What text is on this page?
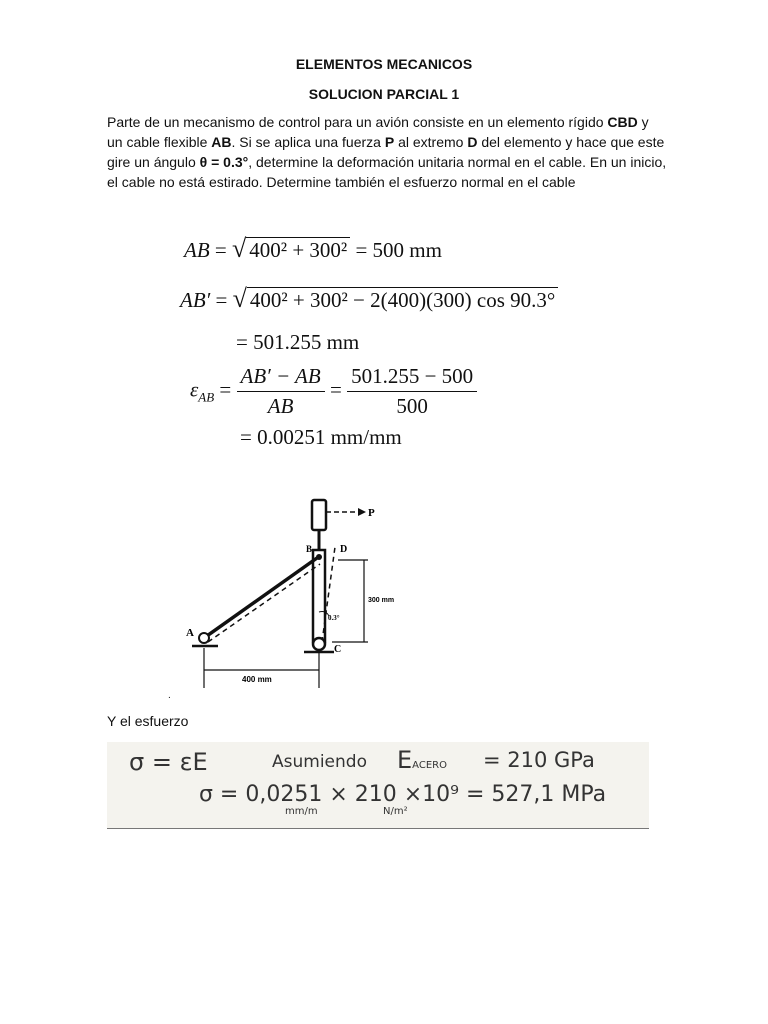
ELEMENTOS MECANICOS
SOLUCION PARCIAL 1
Parte de un mecanismo de control para un avión consiste en un elemento rígido CBD y un cable flexible AB. Si se aplica una fuerza P al extremo D del elemento y hace que este gire un ángulo θ = 0.3°, determine la deformación unitaria normal en el cable. En un inicio, el cable no está estirado. Determine también el esfuerzo normal en el cable
AB = √ 400² + 300² = 500 mm
AB′ = √ 400² + 300² − 2(400)(300) cos 90.3°
= 501.255 mm
$\varepsilon_{AB} = \frac{AB' - AB}{AB} = \frac{501.255 - 500}{500}$
= 0.00251 mm/mm
P
A
C
B	D
0.3°
300 mm
400 mm
.
Y el esfuerzo
σ = εE	Asumiendo EACERO = 210 GPa
σ = 0,0251 × 210 ×10⁹ = 527,1 MPa
mm/m	N/m²
